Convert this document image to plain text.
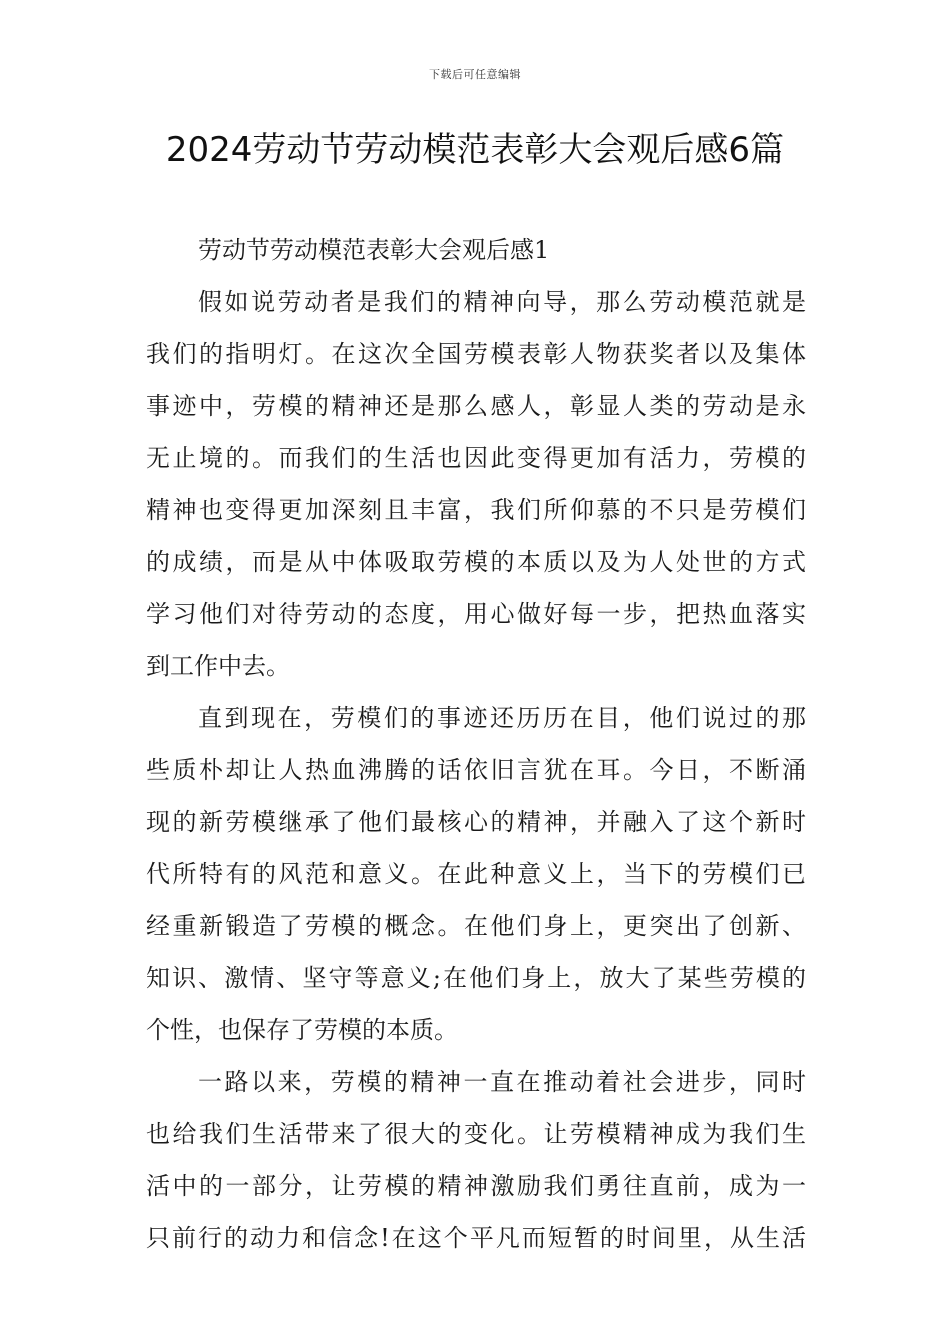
下载后可任意编辑
2024劳动节劳动模范表彰大会观后感6篇

劳动节劳动模范表彰大会观后感1

假如说劳动者是我们的精神向导，那么劳动模范就是
我们的指明灯。在这次全国劳模表彰人物获奖者以及集体
事迹中，劳模的精神还是那么感人，彰显人类的劳动是永
无止境的。而我们的生活也因此变得更加有活力，劳模的
精神也变得更加深刻且丰富，我们所仰慕的不只是劳模们
的成绩，而是从中体吸取劳模的本质以及为人处世的方式
学习他们对待劳动的态度，用心做好每一步，把热血落实
到工作中去。

直到现在，劳模们的事迹还历历在目，他们说过的那
些质朴却让人热血沸腾的话依旧言犹在耳。今日，不断涌
现的新劳模继承了他们最核心的精神，并融入了这个新时
代所特有的风范和意义。在此种意义上，当下的劳模们已
经重新锻造了劳模的概念。在他们身上，更突出了创新、
知识、激情、坚守等意义;在他们身上，放大了某些劳模的
个性，也保存了劳模的本质。

一路以来，劳模的精神一直在推动着社会进步，同时
也给我们生活带来了很大的变化。让劳模精神成为我们生
活中的一部分，让劳模的精神激励我们勇往直前，成为一
只前行的动力和信念!在这个平凡而短暂的时间里，从生活
